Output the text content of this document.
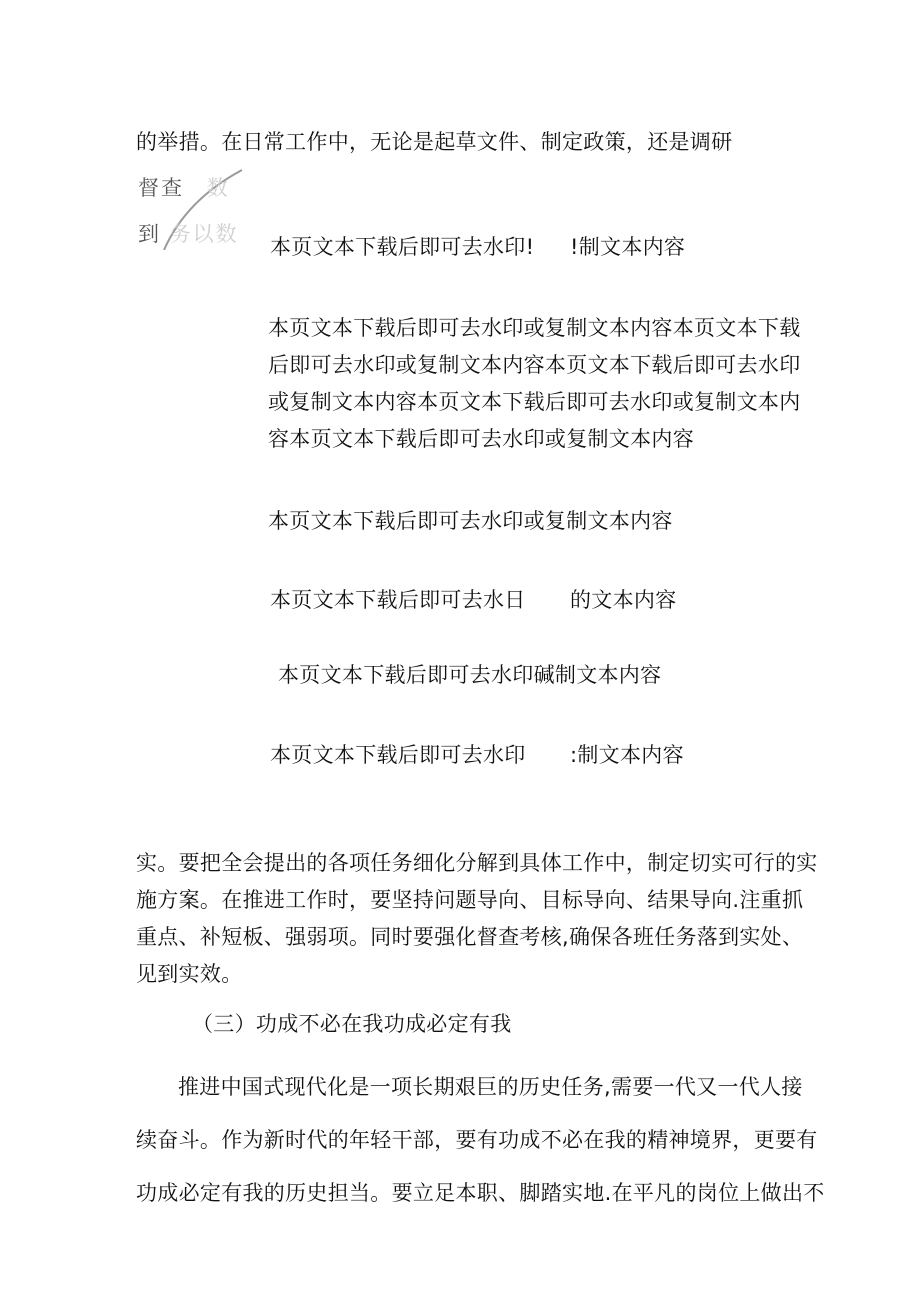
的举措。在日常工作中，无论是起草文件、制定政策，还是调研
督查 数
到 务以数
本页文本下载后即可去水印! !制文本内容
本页文本下载后即可去水印或复制文本内容本页文本下载
后即可去水印或复制文本内容本页文本下载后即可去水印
或复制文本内容本页文本下载后即可去水印或复制文本内
容本页文本下载后即可去水印或复制文本内容
本页文本下载后即可去水印或复制文本内容
本页文本下载后即可去水日 的文本内容
本页文本下载后即可去水印碱制文本内容
本页文本下载后即可去水印 :制文本内容
实。要把全会提出的各项任务细化分解到具体工作中，制定切实可行的实
施方案。在推进工作时，要坚持问题导向、目标导向、结果导向.注重抓
重点、补短板、强弱项。同时要强化督查考核,确保各班任务落到实处、
见到实效。
（三）功成不必在我功成必定有我
推进中国式现代化是一项长期艰巨的历史任务,需要一代又一代人接
续奋斗。作为新时代的年轻干部，要有功成不必在我的精神境界，更要有
功成必定有我的历史担当。要立足本职、脚踏实地.在平凡的岗位上做出不
